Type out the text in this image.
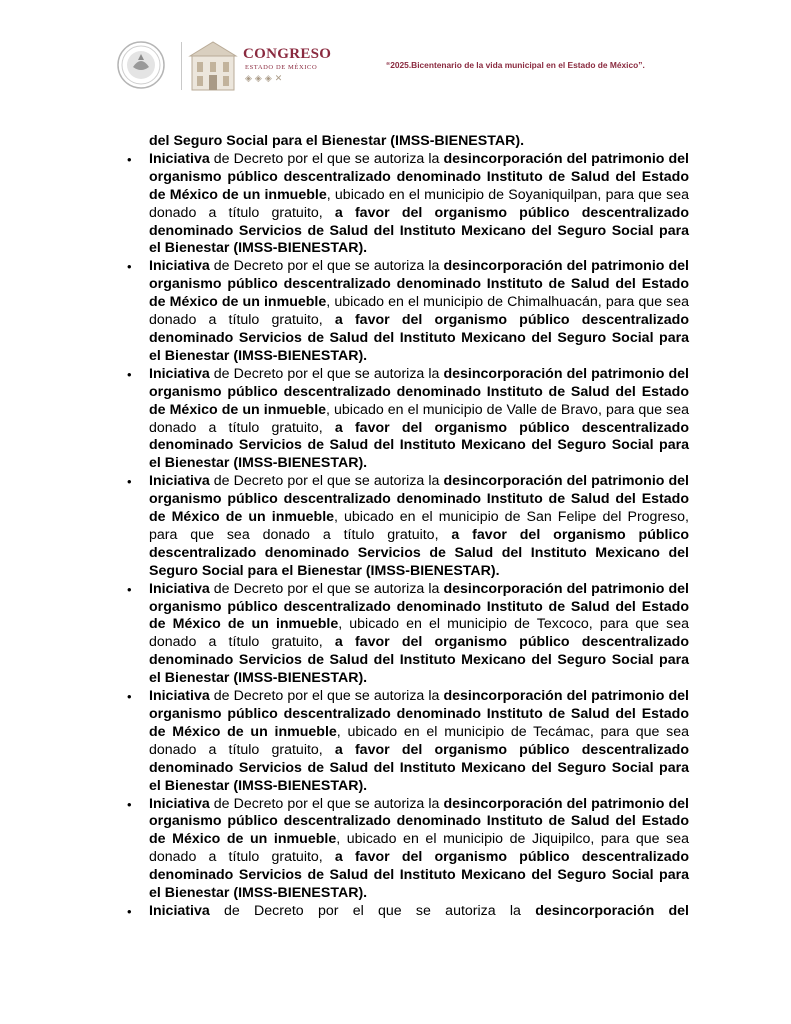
CONGRESO
ESTADO DE MÉXICO
◈◈◈✕
“2025.Bicentenario de la vida municipal en el Estado de México”.

del Seguro Social para el Bienestar (IMSS-BIENESTAR).

• Iniciativa de Decreto por el que se autoriza la desincorporación del patrimonio del organismo público descentralizado denominado Instituto de Salud del Estado de México de un inmueble, ubicado en el municipio de Soyaniquilpan, para que sea donado a título gratuito, a favor del organismo público descentralizado denominado Servicios de Salud del Instituto Mexicano del Seguro Social para el Bienestar (IMSS-BIENESTAR).
• Iniciativa de Decreto por el que se autoriza la desincorporación del patrimonio del organismo público descentralizado denominado Instituto de Salud del Estado de México de un inmueble, ubicado en el municipio de Chimalhuacán, para que sea donado a título gratuito, a favor del organismo público descentralizado denominado Servicios de Salud del Instituto Mexicano del Seguro Social para el Bienestar (IMSS-BIENESTAR).
• Iniciativa de Decreto por el que se autoriza la desincorporación del patrimonio del organismo público descentralizado denominado Instituto de Salud del Estado de México de un inmueble, ubicado en el municipio de Valle de Bravo, para que sea donado a título gratuito, a favor del organismo público descentralizado denominado Servicios de Salud del Instituto Mexicano del Seguro Social para el Bienestar (IMSS-BIENESTAR).
• Iniciativa de Decreto por el que se autoriza la desincorporación del patrimonio del organismo público descentralizado denominado Instituto de Salud del Estado de México de un inmueble, ubicado en el municipio de San Felipe del Progreso, para que sea donado a título gratuito, a favor del organismo público descentralizado denominado Servicios de Salud del Instituto Mexicano del Seguro Social para el Bienestar (IMSS-BIENESTAR).
• Iniciativa de Decreto por el que se autoriza la desincorporación del patrimonio del organismo público descentralizado denominado Instituto de Salud del Estado de México de un inmueble, ubicado en el municipio de Texcoco, para que sea donado a título gratuito, a favor del organismo público descentralizado denominado Servicios de Salud del Instituto Mexicano del Seguro Social para el Bienestar (IMSS-BIENESTAR).
• Iniciativa de Decreto por el que se autoriza la desincorporación del patrimonio del organismo público descentralizado denominado Instituto de Salud del Estado de México de un inmueble, ubicado en el municipio de Tecámac, para que sea donado a título gratuito, a favor del organismo público descentralizado denominado Servicios de Salud del Instituto Mexicano del Seguro Social para el Bienestar (IMSS-BIENESTAR).
• Iniciativa de Decreto por el que se autoriza la desincorporación del patrimonio del organismo público descentralizado denominado Instituto de Salud del Estado de México de un inmueble, ubicado en el municipio de Jiquipilco, para que sea donado a título gratuito, a favor del organismo público descentralizado denominado Servicios de Salud del Instituto Mexicano del Seguro Social para el Bienestar (IMSS-BIENESTAR).
• Iniciativa de Decreto por el que se autoriza la desincorporación del
